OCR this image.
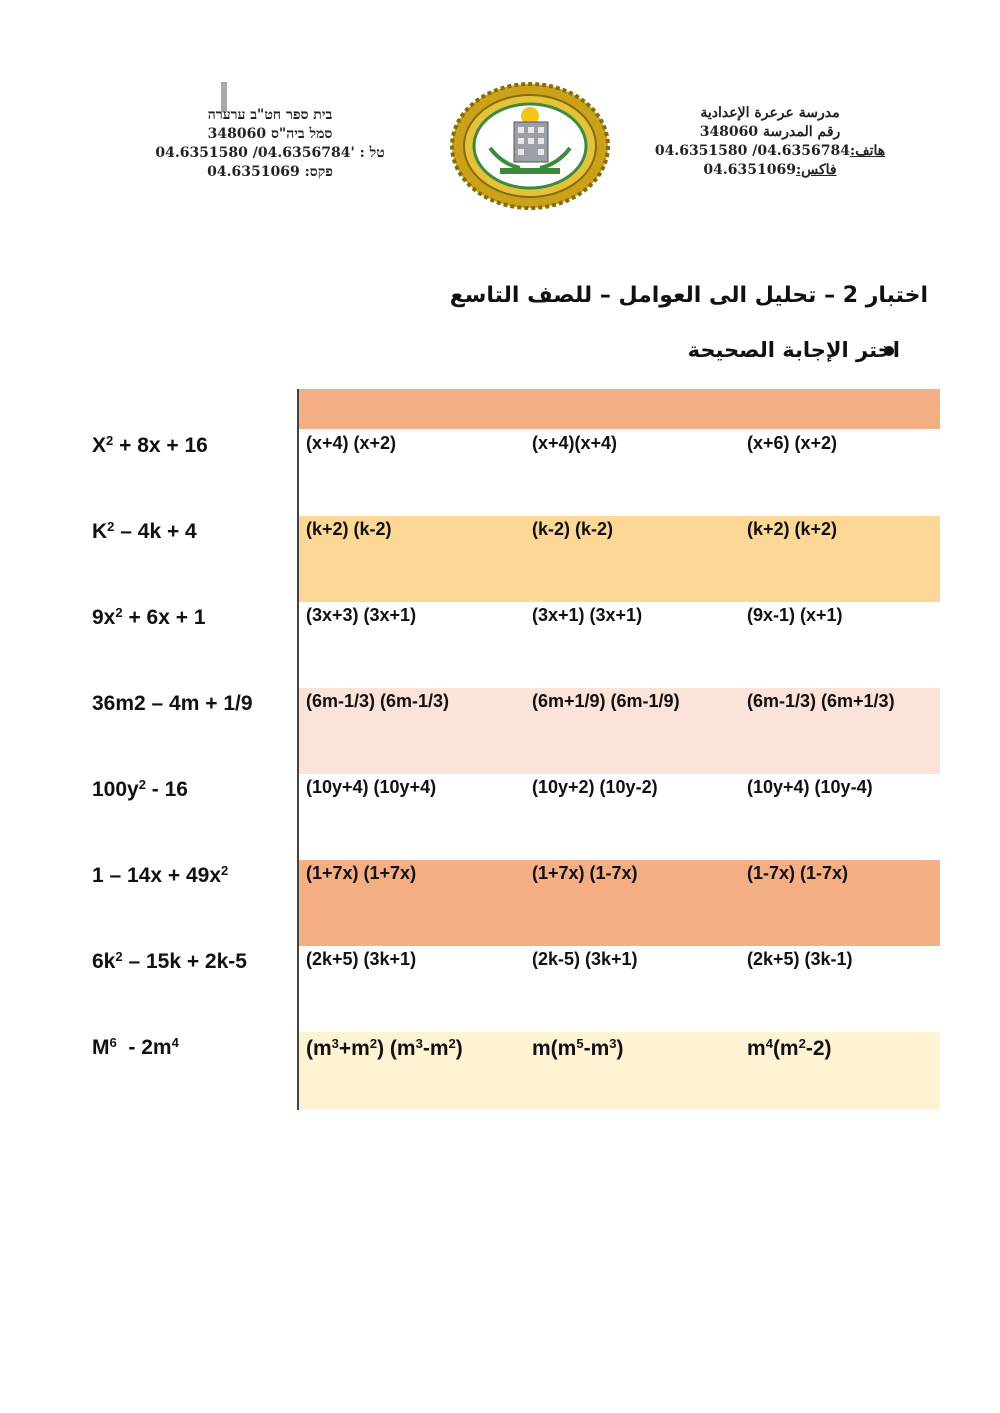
בית ספר חט"ב ערערה
סמל ביה"ס 348060
טל : '04.6356784/ 04.6351580
פקס: 04.6351069
مدرسة عرعرة الإعدادية
رقم المدرسة 348060
هاتف:04.6356784/ 04.6351580
فاكس:04.6351069
اختبار 2 – تحليل الى العوامل – للصف التاسع
اختر الإجابة الصحيحة
$X^2 + 8x + 16$	(x+4) (x+2)	(x+4)(x+4)	(x+6) (x+2)
$K^2 - 4k + 4$	(k+2) (k-2)	(k-2) (k-2)	(k+2) (k+2)
$9x^2 + 6x + 1$	(3x+3) (3x+1)	(3x+1) (3x+1)	(9x-1) (x+1)
36m2 – 4m + 1/9	(6m-1/3) (6m-1/3)	(6m+1/9) (6m-1/9)	(6m-1/3) (6m+1/3)
$100y^2 - 16$	(10y+4) (10y+4)	(10y+2) (10y-2)	(10y+4) (10y-4)
$1 - 14x + 49x^2$	(1+7x) (1+7x)	(1+7x) (1-7x)	(1-7x) (1-7x)
$6k^2 - 15k + 2k-5$	(2k+5) (3k+1)	(2k-5) (3k+1)	(2k+5) (3k-1)
$M^6 - 2m^4$	$(m^3+m^2)$ $(m^3-m^2)$	$m(m^5-m^3)$	$m^4(m^2-2)$
